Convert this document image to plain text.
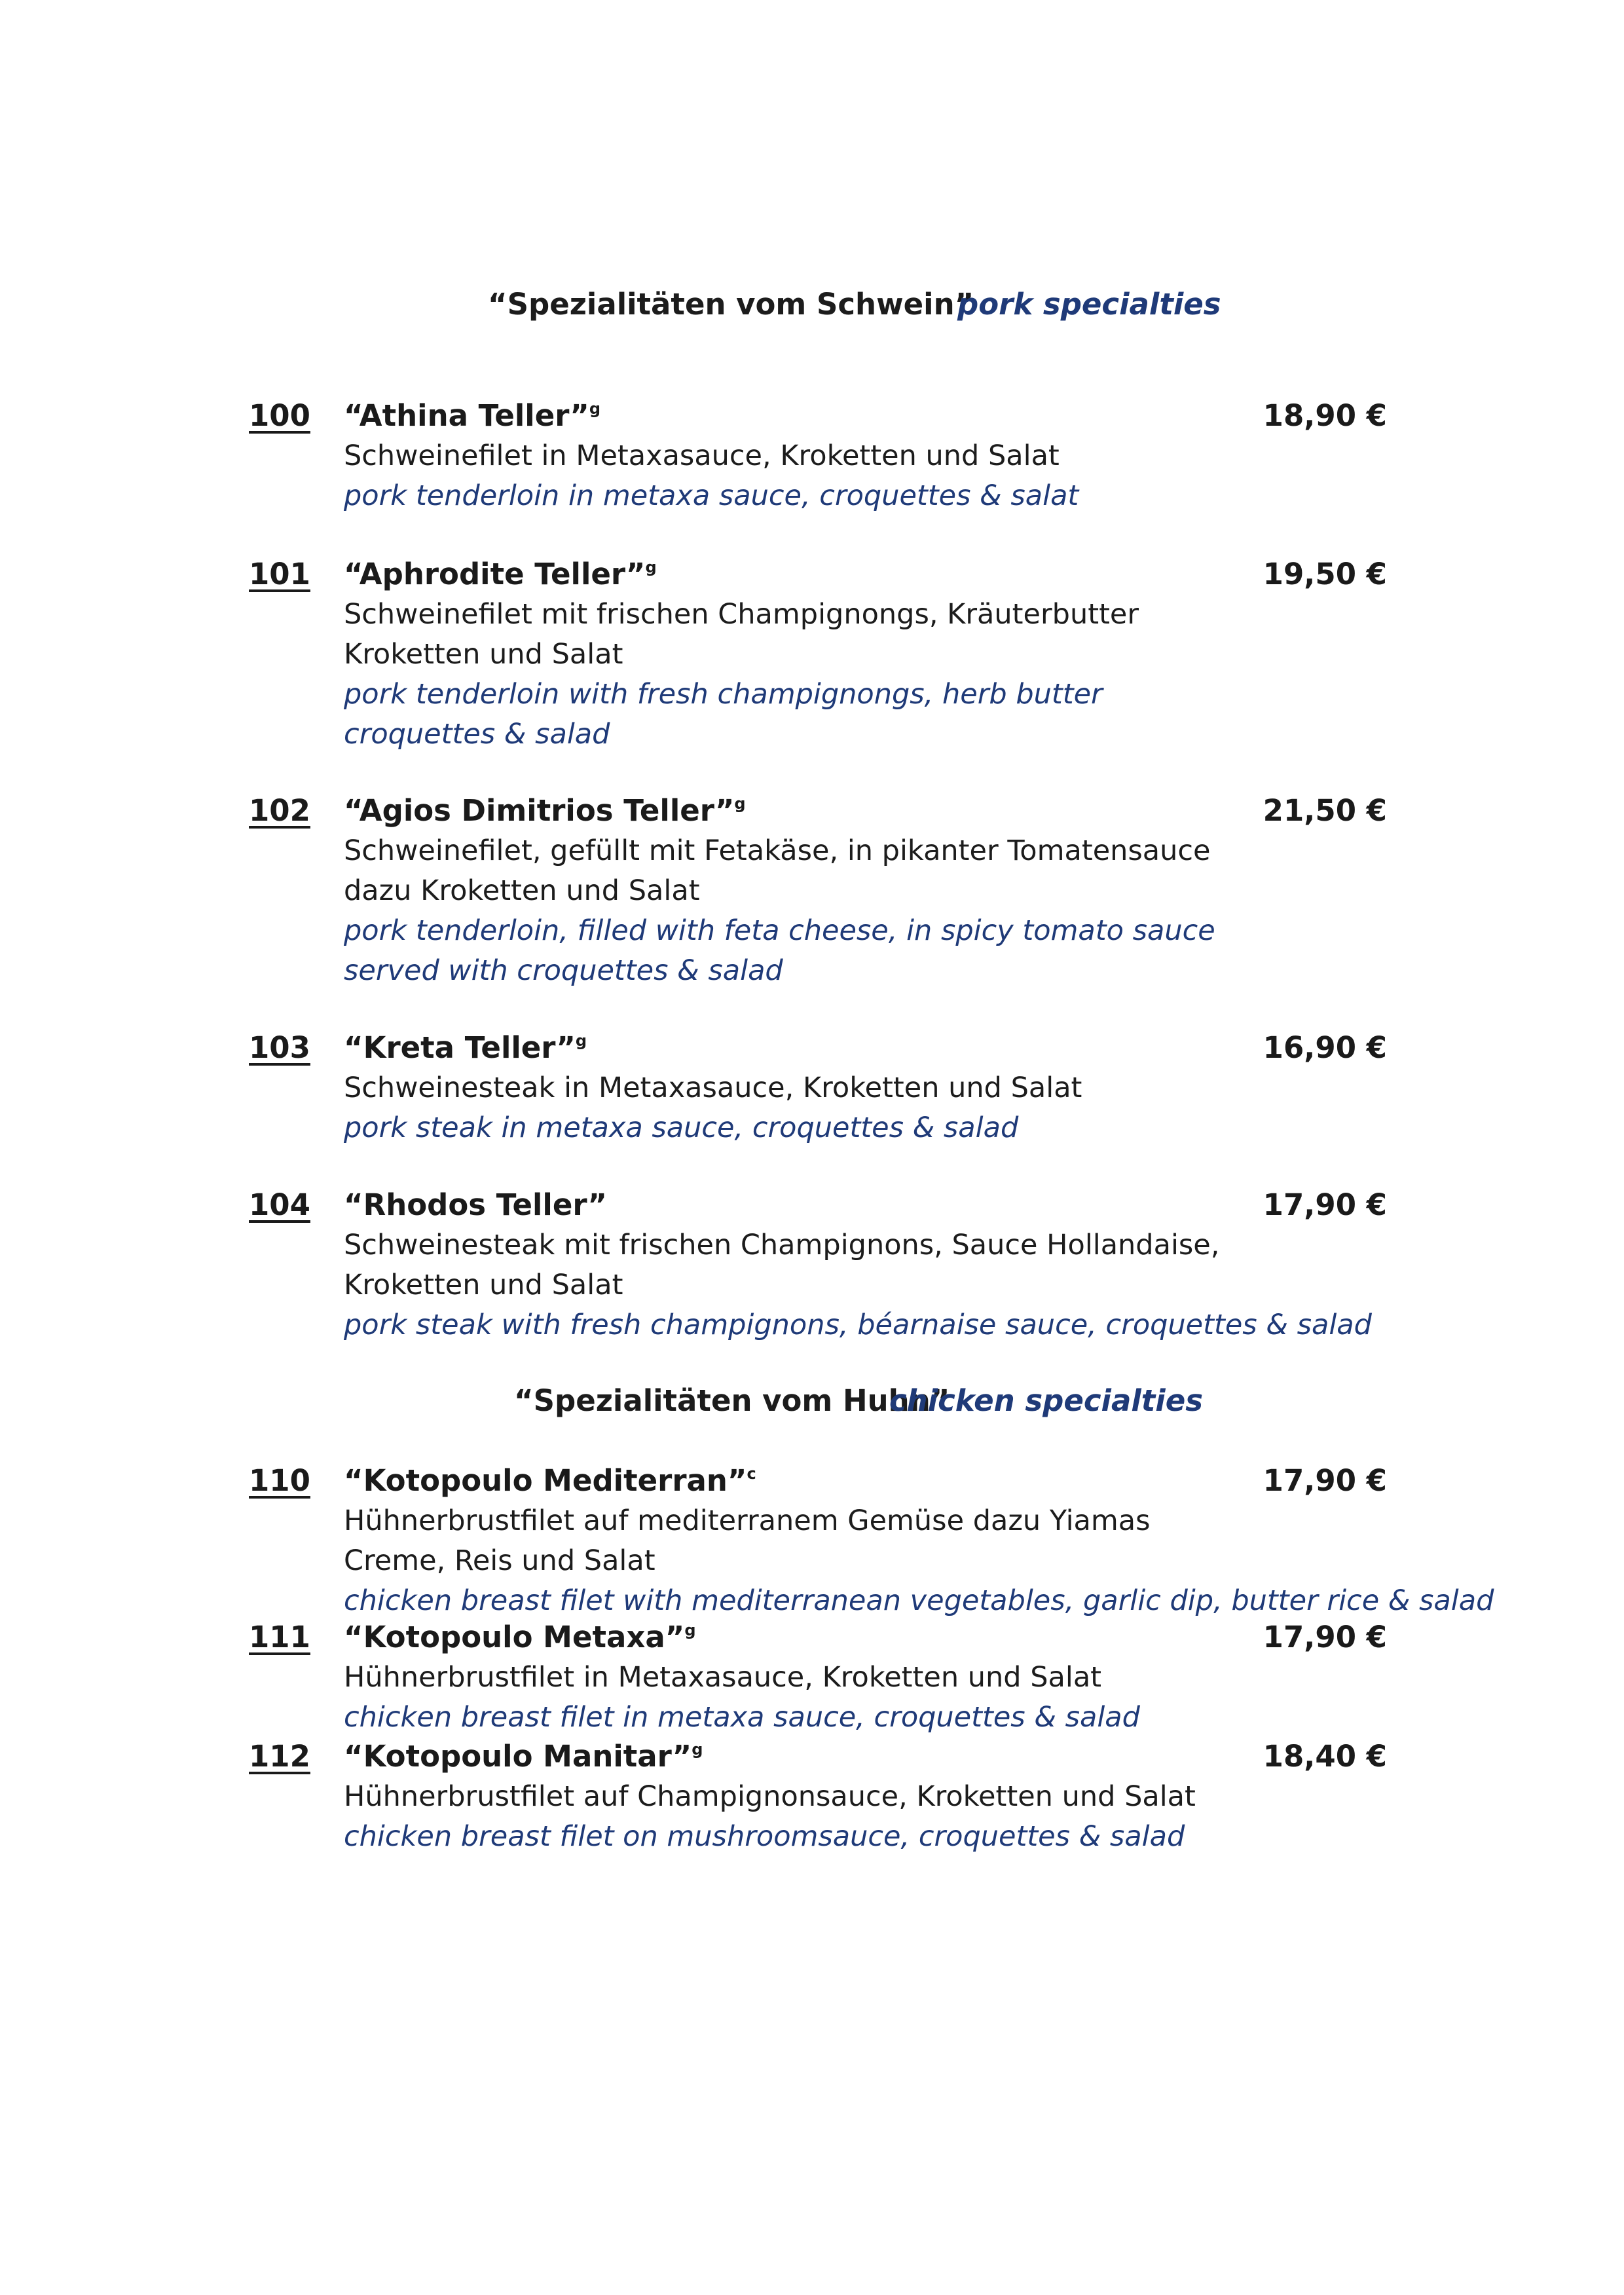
“Spezialitäten vom Schwein”
pork specialties
100 “Athina Teller”$^g$	18,90 €
Schweinefilet in Metaxasauce, Kroketten und Salat
pork tenderloin in metaxa sauce, croquettes & salat
101 “Aphrodite Teller”$^g$	19,50 €
Schweinefilet mit frischen Champignongs, Kräuterbutter
Kroketten und Salat
pork tenderloin with fresh champignongs, herb butter
croquettes & salad
102 “Agios Dimitrios Teller”$^g$	21,50 €
Schweinefilet, gefüllt mit Fetakäse, in pikanter Tomatensauce
dazu Kroketten und Salat
pork tenderloin, filled with feta cheese, in spicy tomato sauce
served with croquettes & salad
103 “Kreta Teller”$^g$	16,90 €
Schweinesteak in Metaxasauce, Kroketten und Salat
pork steak in metaxa sauce, croquettes & salad
104 “Rhodos Teller”	17,90 €
Schweinesteak mit frischen Champignons, Sauce Hollandaise,
Kroketten und Salat
pork steak with fresh champignons, béarnaise sauce, croquettes & salad
“Spezialitäten vom Huhn”
chicken specialties
110 “Kotopoulo Mediterran”$^c$	17,90 €
Hühnerbrustfilet auf mediterranem Gemüse dazu Yiamas
Creme, Reis und Salat
chicken breast filet with mediterranean vegetables, garlic dip, butter rice & salad
111 “Kotopoulo Metaxa”$^g$	17,90 €
Hühnerbrustfilet in Metaxasauce, Kroketten und Salat
chicken breast filet in metaxa sauce, croquettes & salad
112 “Kotopoulo Manitar”$^g$	18,40 €
Hühnerbrustfilet auf Champignonsauce, Kroketten und Salat
chicken breast filet on mushroomsauce, croquettes & salad
